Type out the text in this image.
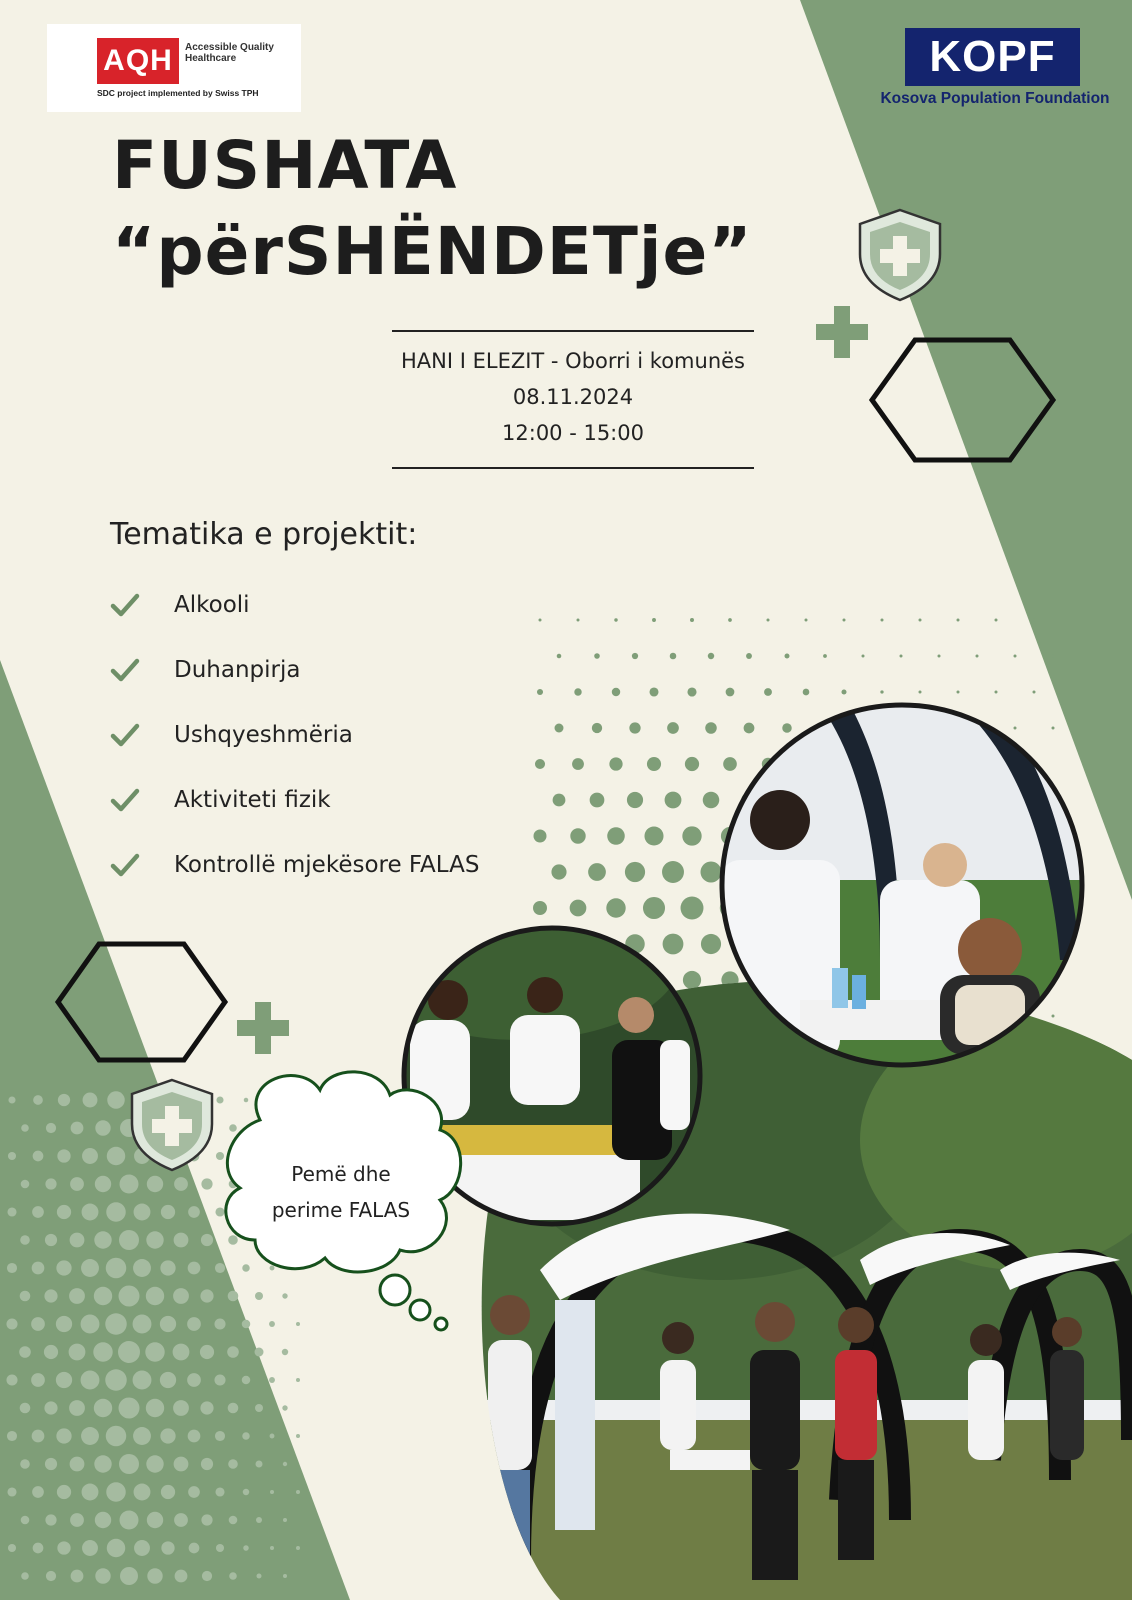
AQH	Accessible Quality Healthcare
SDC project implemented by Swiss TPH
KOPF
Kosova Population Foundation
FUSHATA
“përSHËNDETje”
HANI I ELEZIT - Oborri i komunës
08.11.2024
12:00 - 15:00
Tematika e projektit:
Alkooli
Duhanpirja
Ushqyeshmëria
Aktiviteti fizik
Kontrollë mjekësore FALAS
Pemë dhe
perime FALAS
